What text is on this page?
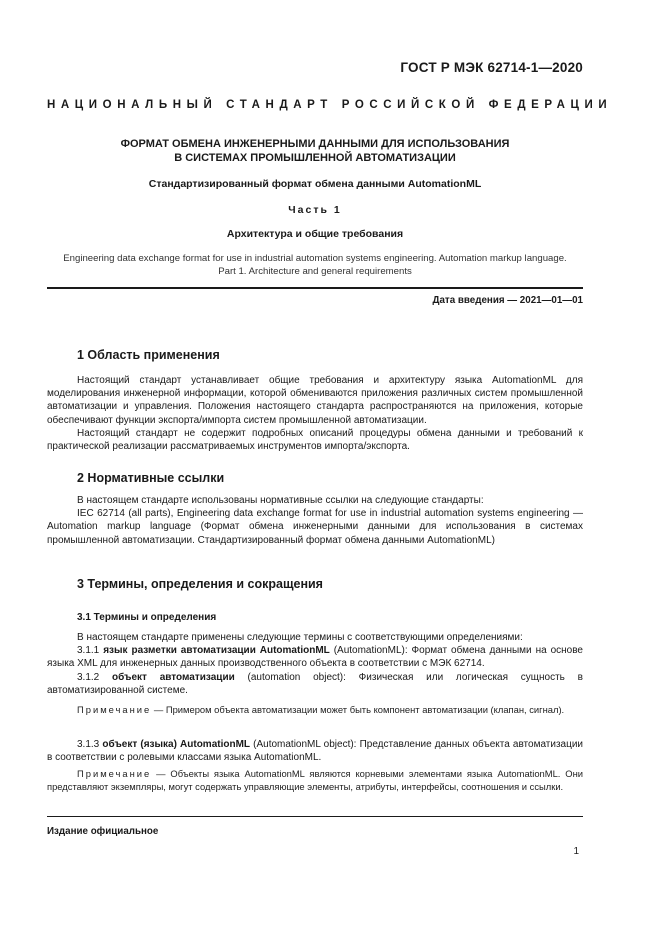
ГОСТ Р МЭК 62714-1—2020
НАЦИОНАЛЬНЫЙ СТАНДАРТ РОССИЙСКОЙ ФЕДЕРАЦИИ
ФОРМАТ ОБМЕНА ИНЖЕНЕРНЫМИ ДАННЫМИ ДЛЯ ИСПОЛЬЗОВАНИЯ
В СИСТЕМАХ ПРОМЫШЛЕННОЙ АВТОМАТИЗАЦИИ
Стандартизированный формат обмена данными AutomationML
Часть 1
Архитектура и общие требования
Engineering data exchange format for use in industrial automation systems engineering. Automation markup language.
Part 1. Architecture and general requirements
Дата введения — 2021—01—01
1 Область применения

Настоящий стандарт устанавливает общие требования и архитектуру языка AutomationML для моделирования инженерной информации, которой обмениваются приложения различных систем промышленной автоматизации и управления. Положения настоящего стандарта распространяются на приложения, которые обеспечивают функции экспорта/импорта систем промышленной автоматизации.

Настоящий стандарт не содержит подробных описаний процедуры обмена данными и требований к практической реализации рассматриваемых инструментов импорта/экспорта.

2 Нормативные ссылки

В настоящем стандарте использованы нормативные ссылки на следующие стандарты:

IEC 62714 (all parts), Engineering data exchange format for use in industrial automation systems engineering — Automation markup language (Формат обмена инженерными данными для использования в системах промышленной автоматизации. Стандартизированный формат обмена данными AutomationML)

3 Термины, определения и сокращения
3.1 Термины и определения

В настоящем стандарте применены следующие термины с соответствующими определениями:

3.1.1 язык разметки автоматизации AutomationML (AutomationML): Формат обмена данными на основе языка XML для инженерных данных производственного объекта в соответствии с МЭК 62714.

3.1.2 объект автоматизации (automation object): Физическая или логическая сущность в автоматизированной системе.

Примечание — Примером объекта автоматизации может быть компонент автоматизации (клапан, сигнал).

3.1.3 объект (языка) AutomationML (AutomationML object): Представление данных объекта автоматизации в соответствии с ролевыми классами языка AutomationML.

Примечание — Объекты языка AutomationML являются корневыми элементами языка AutomationML. Они представляют экземпляры, могут содержать управляющие элементы, атрибуты, интерфейсы, соотношения и ссылки.

Издание официальное
1
